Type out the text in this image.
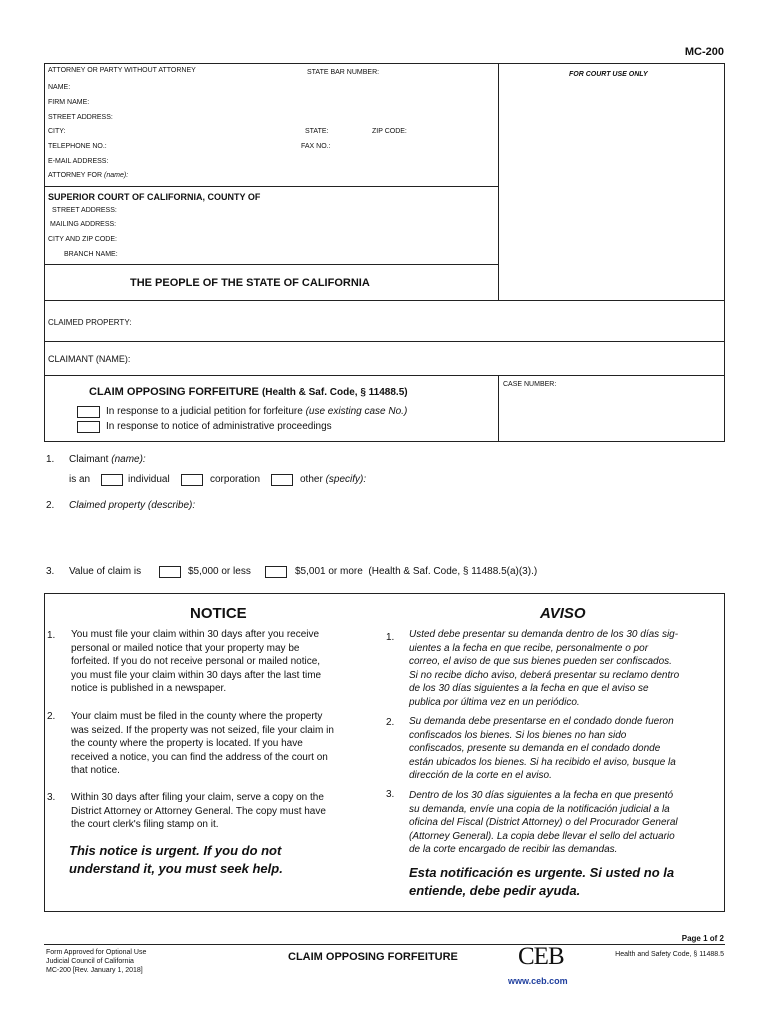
MC-200
ATTORNEY OR PARTY WITHOUT ATTORNEY	STATE BAR NUMBER:	FOR COURT USE ONLY
NAME:
FIRM NAME:
STREET ADDRESS:
CITY:	STATE:	ZIP CODE:
TELEPHONE NO.:	FAX NO.:
E-MAIL ADDRESS:
ATTORNEY FOR (name):
SUPERIOR COURT OF CALIFORNIA, COUNTY OF
STREET ADDRESS:
MAILING ADDRESS:
CITY AND ZIP CODE:
BRANCH NAME:
THE PEOPLE OF THE STATE OF CALIFORNIA
CLAIMED PROPERTY:
CLAIMANT (NAME):
CLAIM OPPOSING FORFEITURE (Health & Saf. Code, § 11488.5)
CASE NUMBER:
In response to a judicial petition for forfeiture (use existing case No.)
In response to notice of administrative proceedings
1. Claimant (name):
is an	individual	corporation	other (specify):
2. Claimed property (describe):
3. Value of claim is	$5,000 or less	$5,001 or more (Health & Saf. Code, § 11488.5(a)(3).)
NOTICE	AVISO
1. You must file your claim within 30 days after you receive
personal or mailed notice that your property may be
forfeited. If you do not receive personal or mailed notice,
you must file your claim within 30 days after the last time
notice is published in a newspaper.
2. Your claim must be filed in the county where the property
was seized. If the property was not seized, file your claim in
the county where the property is located. If you have
received a notice, you can find the address of the court on
that notice.
3. Within 30 days after filing your claim, serve a copy on the
District Attorney or Attorney General. The copy must have
the court clerk's filing stamp on it.
This notice is urgent. If you do not
understand it, you must seek help.
1. Usted debe presentar su demanda dentro de los 30 días sig-
uientes a la fecha en que recibe, personalmente o por
correo, el aviso de que sus bienes pueden ser confiscados.
Si no recibe dicho aviso, deberá presentar su reclamo dentro
de los 30 días siguientes a la fecha en que el aviso se
publica por última vez en un periódico.
2. Su demanda debe presentarse en el condado donde fueron
confiscados los bienes. Si los bienes no han sido
confiscados, presente su demanda en el condado donde
están ubicados los bienes. Si ha recibido el aviso, busque la
dirección de la corte en el aviso.
3. Dentro de los 30 días siguientes a la fecha en que presentó
su demanda, envíe una copia de la notificación judicial a la
oficina del Fiscal (District Attorney) o del Procurador General
(Attorney General). La copia debe llevar el sello del actuario
de la corte encargado de recibir las demandas.
Esta notificación es urgente. Si usted no la
entiende, debe pedir ayuda.
Page 1 of 2
Form Approved for Optional Use
Judicial Council of California
MC-200 [Rev. January 1, 2018]
CLAIM OPPOSING FORFEITURE CEB
www.ceb.com
Health and Safety Code, § 11488.5
